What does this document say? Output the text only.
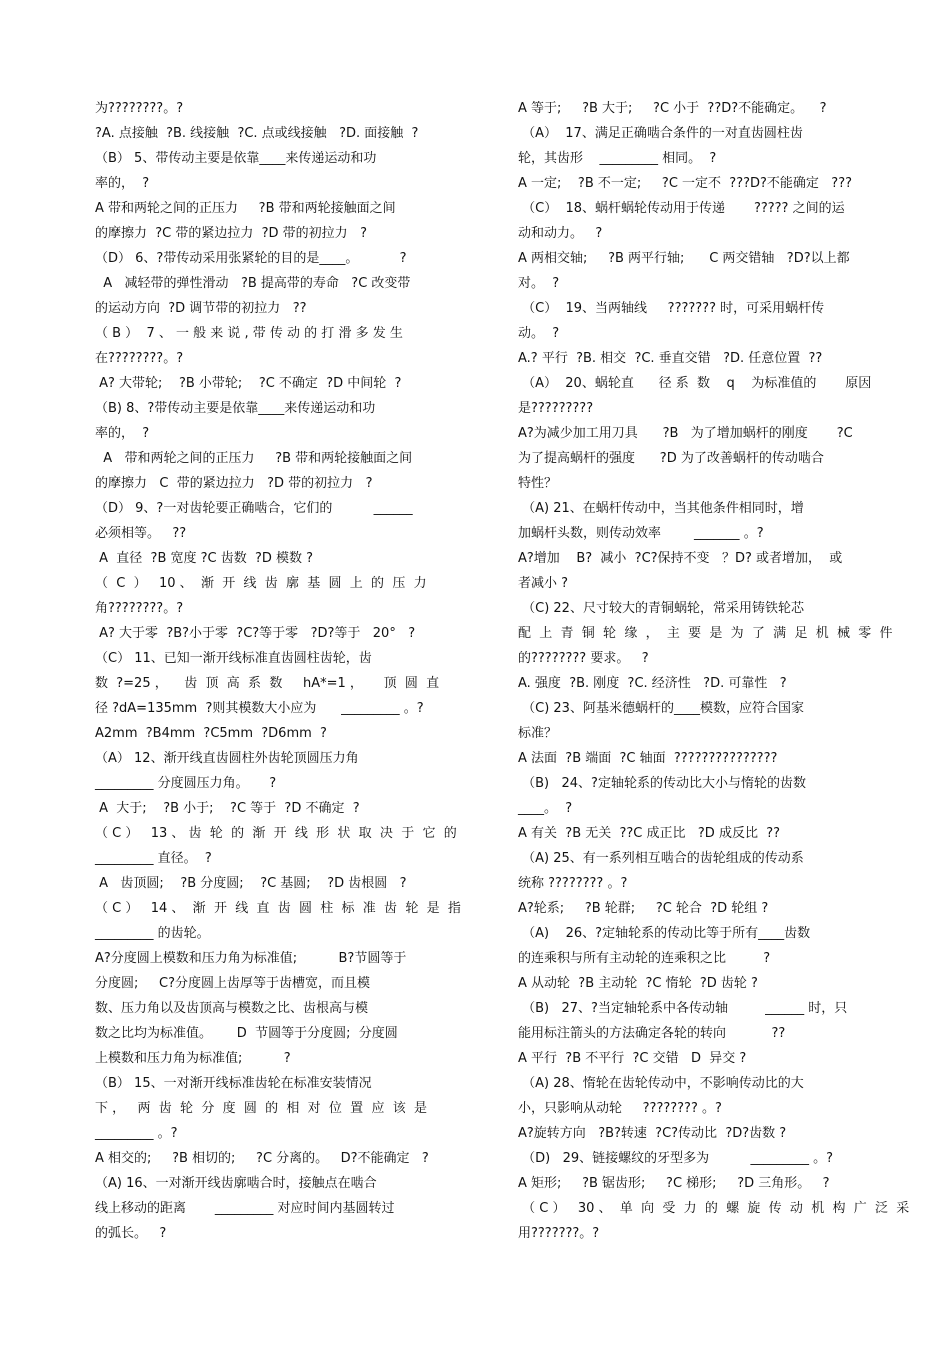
为????????。?
?A. 点接触  ?B. 线接触  ?C. 点或线接触   ?D. 面接触  ?
（B） 5、带传动主要是依靠____来传递运动和功
率的，  ?
A 带和两轮之间的正压力     ?B 带和两轮接触面之间
的摩擦力  ?C 带的紧边拉力  ?D 带的初拉力   ?
（D） 6、?带传动采用张紧轮的目的是____。          ?
A   减轻带的弹性滑动   ?B 提高带的寿命   ?C 改变带
的运动方向  ?D 调节带的初拉力   ??
（ B ）  7 、 一 般 来 说 , 带 传 动 的 打 滑 多 发 生
在????????。?
A? 大带轮;    ?B 小带轮;    ?C 不确定  ?D 中间轮  ?
（B) 8、?带传动主要是依靠____来传递运动和功
率的，  ?
A   带和两轮之间的正压力     ?B 带和两轮接触面之间
的摩擦力   C  带的紧边拉力   ?D 带的初拉力   ?
（D） 9、?一对齿轮要正确啮合，它们的          ______
必须相等。   ??
A  直径  ?B 宽度 ?C 齿数  ?D 模数 ?
（  C  ）   10 、  渐  开  线  齿  廓  基  圆  上  的  压  力
角????????。?
A? 大于零  ?B?小于零  ?C?等于零   ?D?等于   20°   ?
（C） 11、已知一渐开线标准直齿圆柱齿轮，齿
数  ?=25 ，    齿  顶  高  系  数     hA*=1 ，     顶  圆  直
径 ?dA=135mm  ?则其模数大小应为      _________ 。?
A2mm  ?B4mm  ?C5mm  ?D6mm  ?
（A） 12、渐开线直齿圆柱外齿轮顶圆压力角
_________ 分度圆压力角。     ?
A  大于;    ?B 小于;    ?C 等于  ?D 不确定  ?
（ C ）   13 、 齿  轮  的  渐  开  线  形  状  取  决  于  它  的
_________ 直径。  ?
A   齿顶圆;    ?B 分度圆;    ?C 基圆;    ?D 齿根圆   ?
（ C ）   14 、  渐  开  线  直  齿  圆  柱  标  准  齿  轮  是  指
_________ 的齿轮。
A?分度圆上模数和压力角为标准值;          B?节圆等于
分度圆;     C?分度圆上齿厚等于齿槽宽，而且模
数、压力角以及齿顶高与模数之比、齿根高与模
数之比均为标准值。      D  节圆等于分度圆;  分度圆
上模数和压力角为标准值;          ?
（B） 15、一对渐开线标准齿轮在标准安装情况
下 ，   两  齿  轮  分  度  圆  的  相  对  位  置  应  该  是
_________ 。?
A 相交的;     ?B 相切的;     ?C 分离的。   D?不能确定   ?
（A) 16、一对渐开线齿廓啮合时，接触点在啮合
线上移动的距离       _________ 对应时间内基圆转过
的弧长。   ?
A 等于;     ?B 大于;     ?C 小于  ??D?不能确定。    ?
（A）  17、满足正确啮合条件的一对直齿圆柱齿
轮，其齿形    _________ 相同。  ?
A 一定;    ?B 不一定;     ?C 一定不  ???D?不能确定   ???
（C）  18、蜗杆蜗轮传动用于传递       ????? 之间的运
动和动力。   ?
A 两相交轴;     ?B 两平行轴;      C 两交错轴   ?D?以上都
对。  ?
（C）  19、当两轴线     ??????? 时，可采用蜗杆传
动。  ?
A.? 平行  ?B. 相交  ?C. 垂直交错   ?D. 任意位置  ??
（A）  20、蜗轮直      径 系  数    q    为标准值的       原因
是?????????
A?为减少加工用刀具      ?B   为了增加蜗杆的刚度       ?C
为了提高蜗杆的强度      ?D 为了改善蜗杆的传动啮合
特性？
（A) 21、在蜗杆传动中，当其他条件相同时，增
加蜗杆头数，则传动效率        _______ 。?
A?增加    B?  减小  ?C?保持不变   ？D? 或者增加，  或
者减小 ?
（C) 22、尺寸较大的青铜蜗轮，常采用铸铁轮芯
配  上  青  铜  轮  缘  ，  主  要  是  为  了  满  足  机  械  零  件
的???????? 要求。   ?
A. 强度  ?B. 刚度  ?C. 经济性   ?D. 可靠性   ?
（C) 23、阿基米德蜗杆的____模数，应符合国家
标准？
A 法面  ?B 端面  ?C 轴面  ???????????????
（B)   24、?定轴轮系的传动比大小与惰轮的齿数
____。  ?
A 有关  ?B 无关  ??C 成正比   ?D 成反比  ??
（A) 25、有一系列相互啮合的齿轮组成的传动系
统称 ???????? 。?
A?轮系;     ?B 轮群;     ?C 轮合  ?D 轮组 ?
（A)    26、?定轴轮系的传动比等于所有____齿数
的连乘积与所有主动轮的连乘积之比         ?
A 从动轮  ?B 主动轮  ?C 惰轮  ?D 齿轮 ?
（B)   27、?当定轴轮系中各传动轴         ______ 时，只
能用标注箭头的方法确定各轮的转向           ??
A 平行  ?B 不平行  ?C 交错   D  异交 ?
（A) 28、惰轮在齿轮传动中，不影响传动比的大
小，只影响从动轮     ???????? 。?
A?旋转方向   ?B?转速  ?C?传动比  ?D?齿数 ?
（D)   29、链接螺纹的牙型多为          _________ 。?
A 矩形;     ?B 锯齿形;     ?C 梯形;     ?D 三角形。   ?
（ C ）   30 、  单  向  受  力  的  螺  旋  传  动  机  构  广  泛  采
用???????。?
